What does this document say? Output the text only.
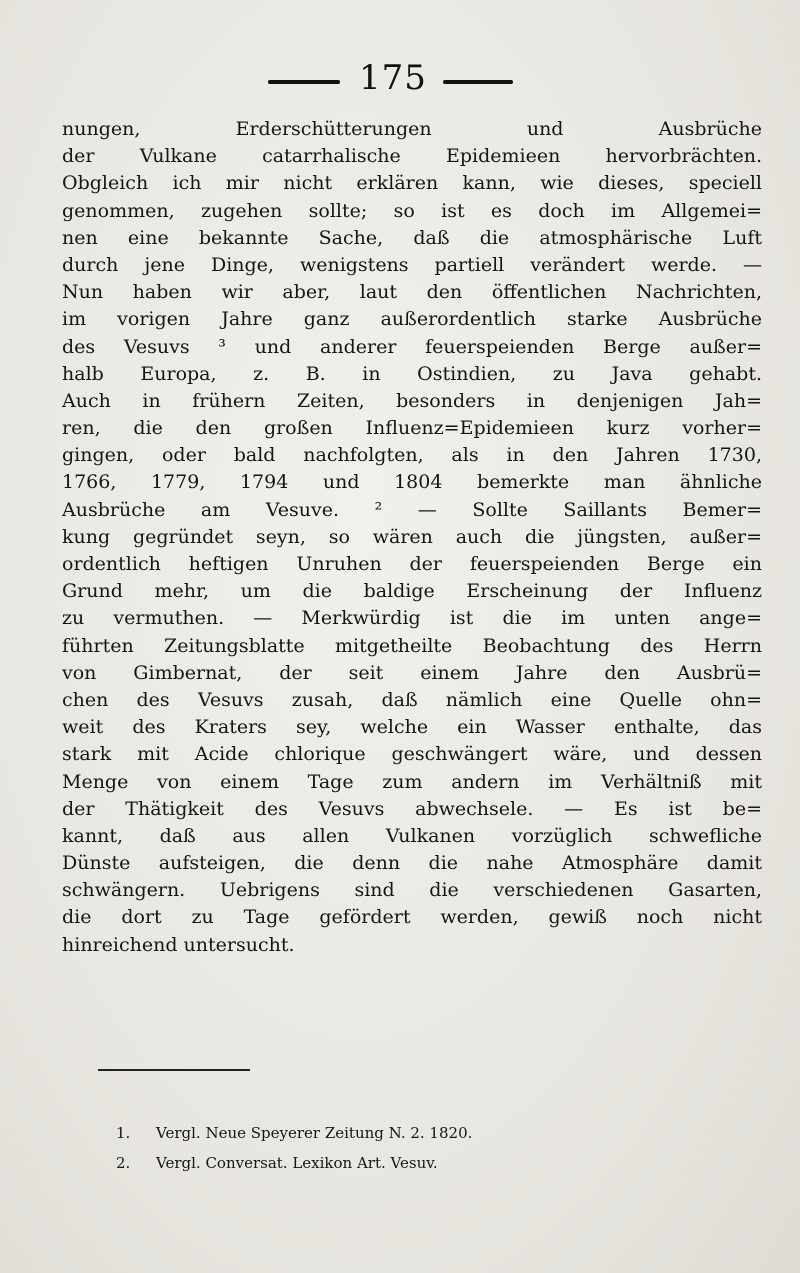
175
nungen, Erderschütterungen und Ausbrüche
der Vulkane catarrhalische Epidemieen hervorbrächten.
Obgleich ich mir nicht erklären kann, wie dieses, speciell
genommen, zugehen sollte; so ist es doch im Allgemei=
nen eine bekannte Sache, daß die atmosphärische Luft
durch jene Dinge, wenigstens partiell verändert werde. —
Nun haben wir aber, laut den öffentlichen Nachrichten,
im vorigen Jahre ganz außerordentlich starke Ausbrüche
des Vesuvs ³ und anderer feuerspeienden Berge außer=
halb Europa, z. B. in Ostindien, zu Java gehabt.
Auch in frühern Zeiten, besonders in denjenigen Jah=
ren, die den großen Influenz=Epidemieen kurz vorher=
gingen, oder bald nachfolgten, als in den Jahren 1730,
1766, 1779, 1794 und 1804 bemerkte man ähnliche
Ausbrüche am Vesuve. ² — Sollte Saillants Bemer=
kung gegründet seyn, so wären auch die jüngsten, außer=
ordentlich heftigen Unruhen der feuerspeienden Berge ein
Grund mehr, um die baldige Erscheinung der Influenz
zu vermuthen. — Merkwürdig ist die im unten ange=
führten Zeitungsblatte mitgetheilte Beobachtung des Herrn
von Gimbernat, der seit einem Jahre den Ausbrü=
chen des Vesuvs zusah, daß nämlich eine Quelle ohn=
weit des Kraters sey, welche ein Wasser enthalte, das
stark mit Acide chlorique geschwängert wäre, und dessen
Menge von einem Tage zum andern im Verhältniß mit
der Thätigkeit des Vesuvs abwechsele. — Es ist be=
kannt, daß aus allen Vulkanen vorzüglich schwefliche
Dünste aufsteigen, die denn die nahe Atmosphäre damit
schwängern. Uebrigens sind die verschiedenen Gasarten,
die dort zu Tage gefördert werden, gewiß noch nicht
hinreichend untersucht.
1. Vergl. Neue Speyerer Zeitung N. 2. 1820.
2. Vergl. Conversat. Lexikon Art. Vesuv.
